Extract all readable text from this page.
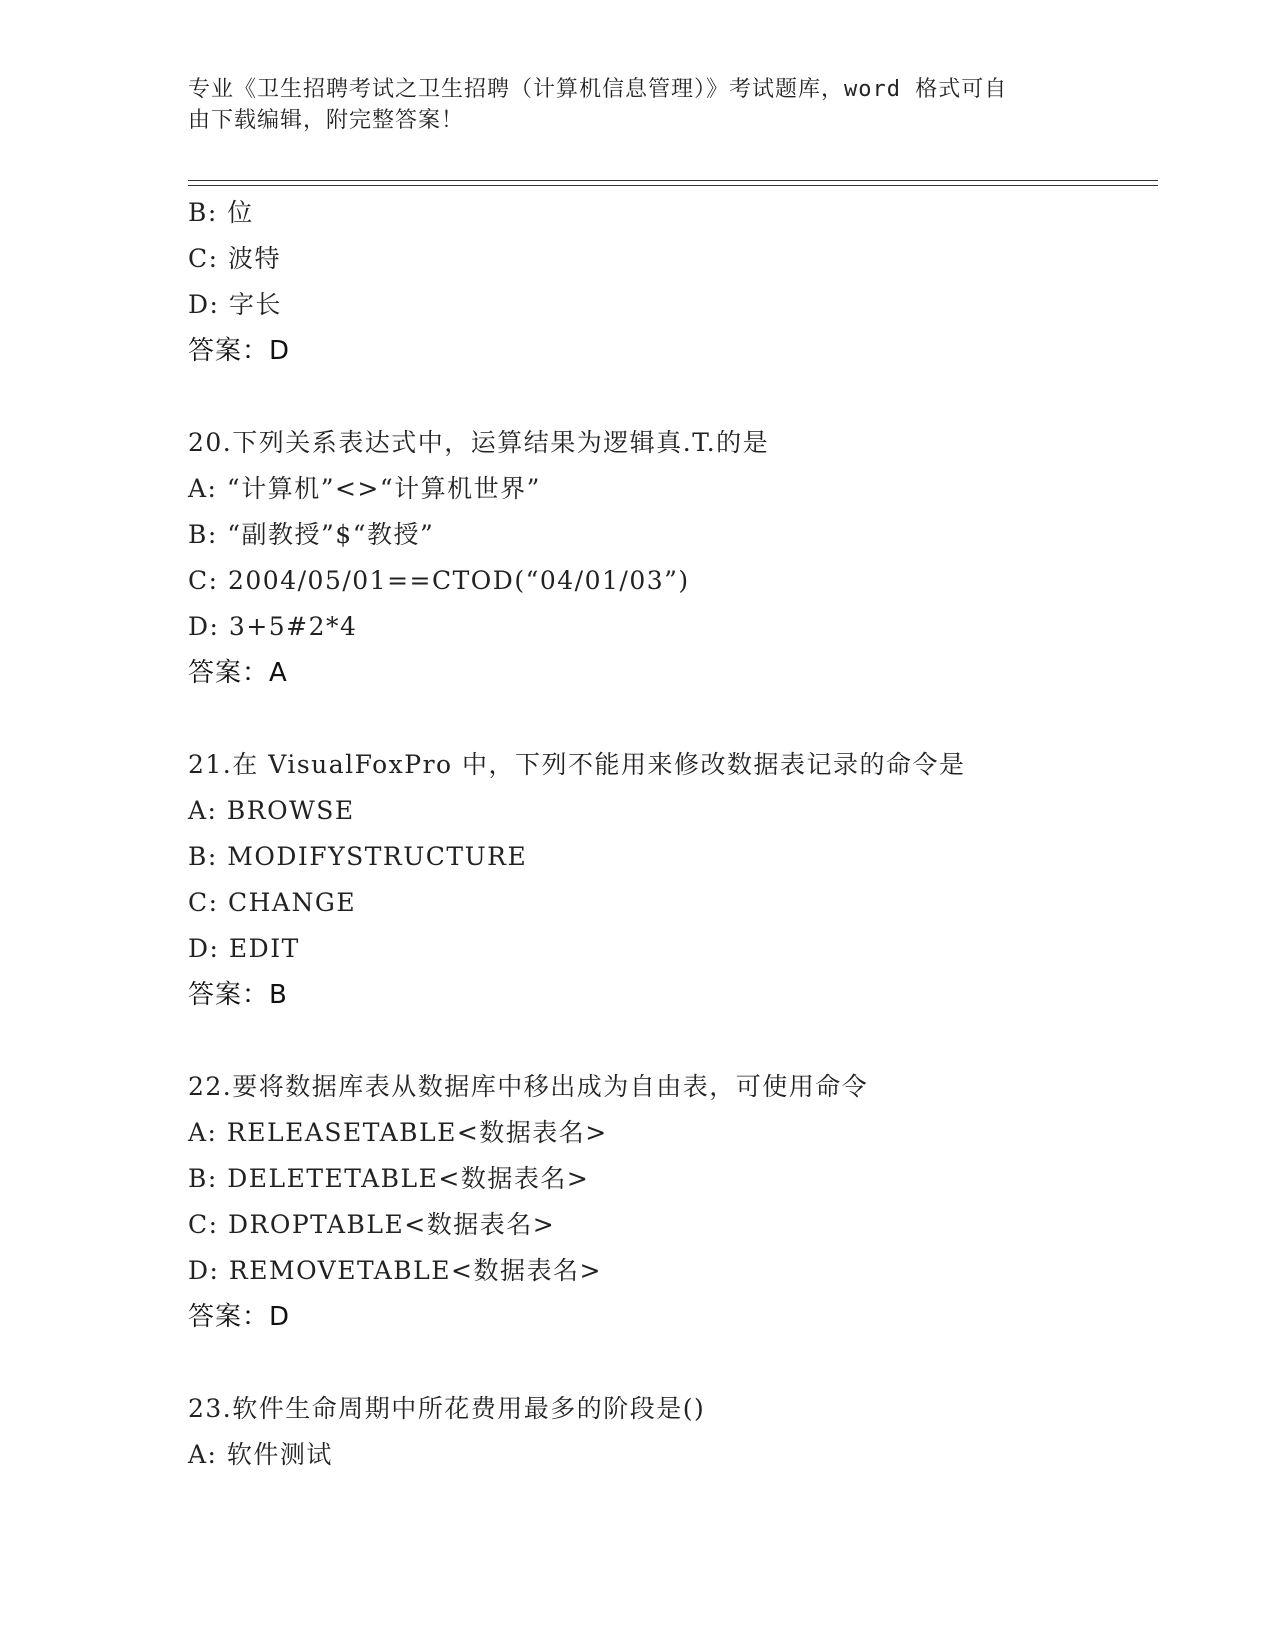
专业《卫生招聘考试之卫生招聘（计算机信息管理）》考试题库，word 格式可自
由下载编辑，附完整答案！
B: 位
C: 波特
D: 字长
答案：D
20.下列关系表达式中，运算结果为逻辑真.T.的是
A: “计算机”<>“计算机世界”
B: “副教授”$“教授”
C: 2004/05/01==CTOD(“04/01/03”)
D: 3+5#2*4
答案：A
21.在 VisualFoxPro 中，下列不能用来修改数据表记录的命令是
A: BROWSE
B: MODIFYSTRUCTURE
C: CHANGE
D: EDIT
答案：B
22.要将数据库表从数据库中移出成为自由表，可使用命令
A: RELEASETABLE<数据表名>
B: DELETETABLE<数据表名>
C: DROPTABLE<数据表名>
D: REMOVETABLE<数据表名>
答案：D
23.软件生命周期中所花费用最多的阶段是()
A: 软件测试
